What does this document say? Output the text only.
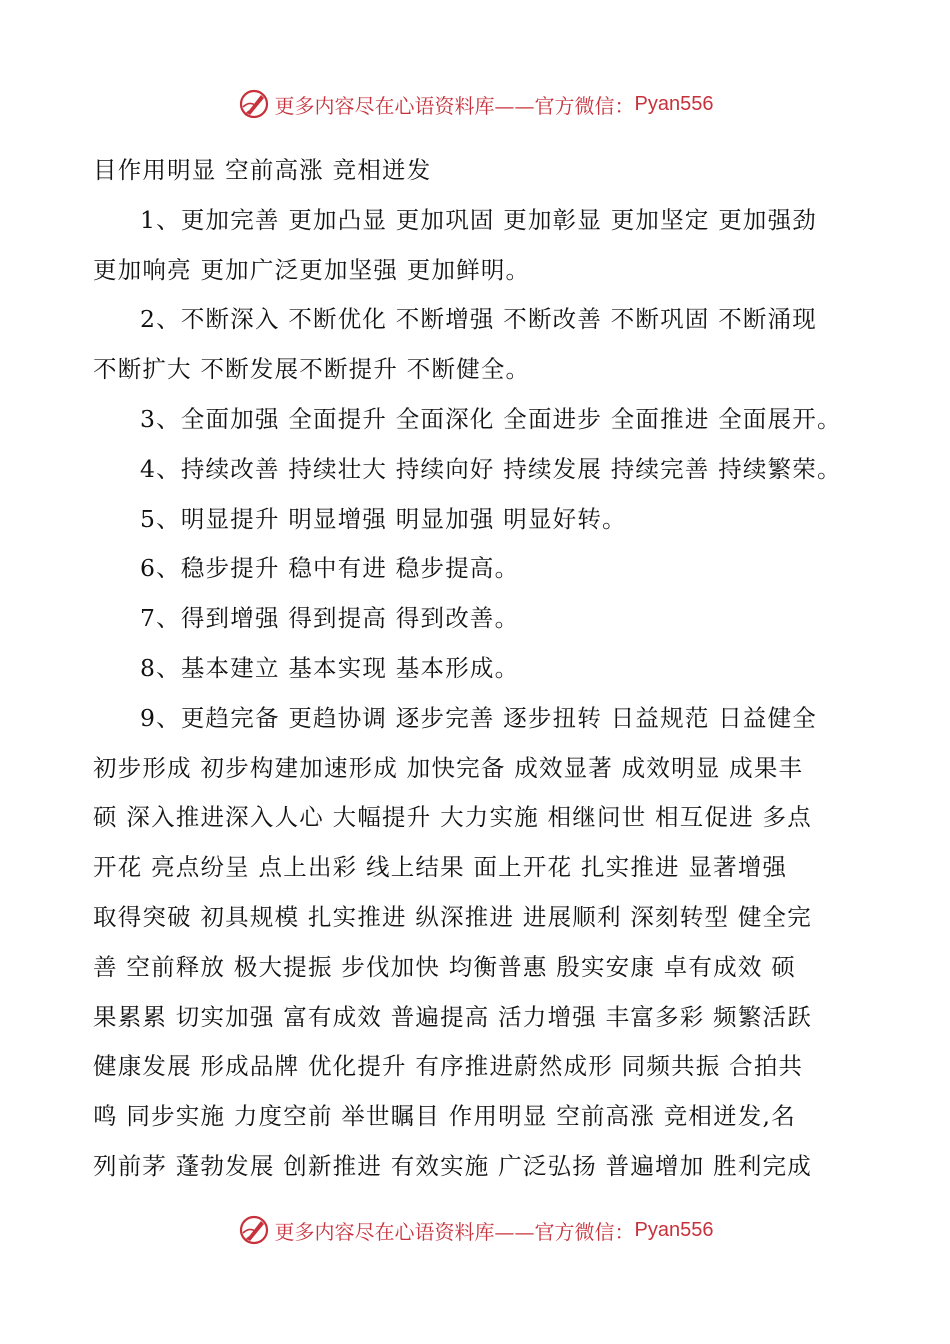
更多内容尽在心语资料库——官方微信： Pyan556
目作用明显 空前高涨 竞相迸发
1、更加完善 更加凸显 更加巩固 更加彰显 更加坚定 更加强劲
更加响亮 更加广泛更加坚强 更加鲜明。
2、不断深入 不断优化 不断增强 不断改善 不断巩固 不断涌现
不断扩大 不断发展不断提升 不断健全。
3、全面加强 全面提升 全面深化 全面进步 全面推进 全面展开。
4、持续改善 持续壮大 持续向好 持续发展 持续完善 持续繁荣。
5、明显提升 明显增强 明显加强 明显好转。
6、稳步提升 稳中有进 稳步提高。
7、得到增强 得到提高 得到改善。
8、基本建立 基本实现 基本形成。
9、更趋完备 更趋协调 逐步完善 逐步扭转 日益规范 日益健全
初步形成 初步构建加速形成 加快完备 成效显著 成效明显 成果丰
硕 深入推进深入人心 大幅提升 大力实施 相继问世 相互促进 多点
开花 亮点纷呈 点上出彩 线上结果 面上开花 扎实推进 显著增强
取得突破 初具规模 扎实推进 纵深推进 进展顺利 深刻转型 健全完
善 空前释放 极大提振 步伐加快 均衡普惠 殷实安康 卓有成效 硕
果累累 切实加强 富有成效 普遍提高 活力增强 丰富多彩 频繁活跃
健康发展 形成品牌 优化提升 有序推进蔚然成形 同频共振 合拍共
鸣 同步实施 力度空前 举世瞩目 作用明显 空前高涨 竞相迸发,名
列前茅 蓬勃发展 创新推进 有效实施 广泛弘扬 普遍增加 胜利完成
更多内容尽在心语资料库——官方微信： Pyan556
